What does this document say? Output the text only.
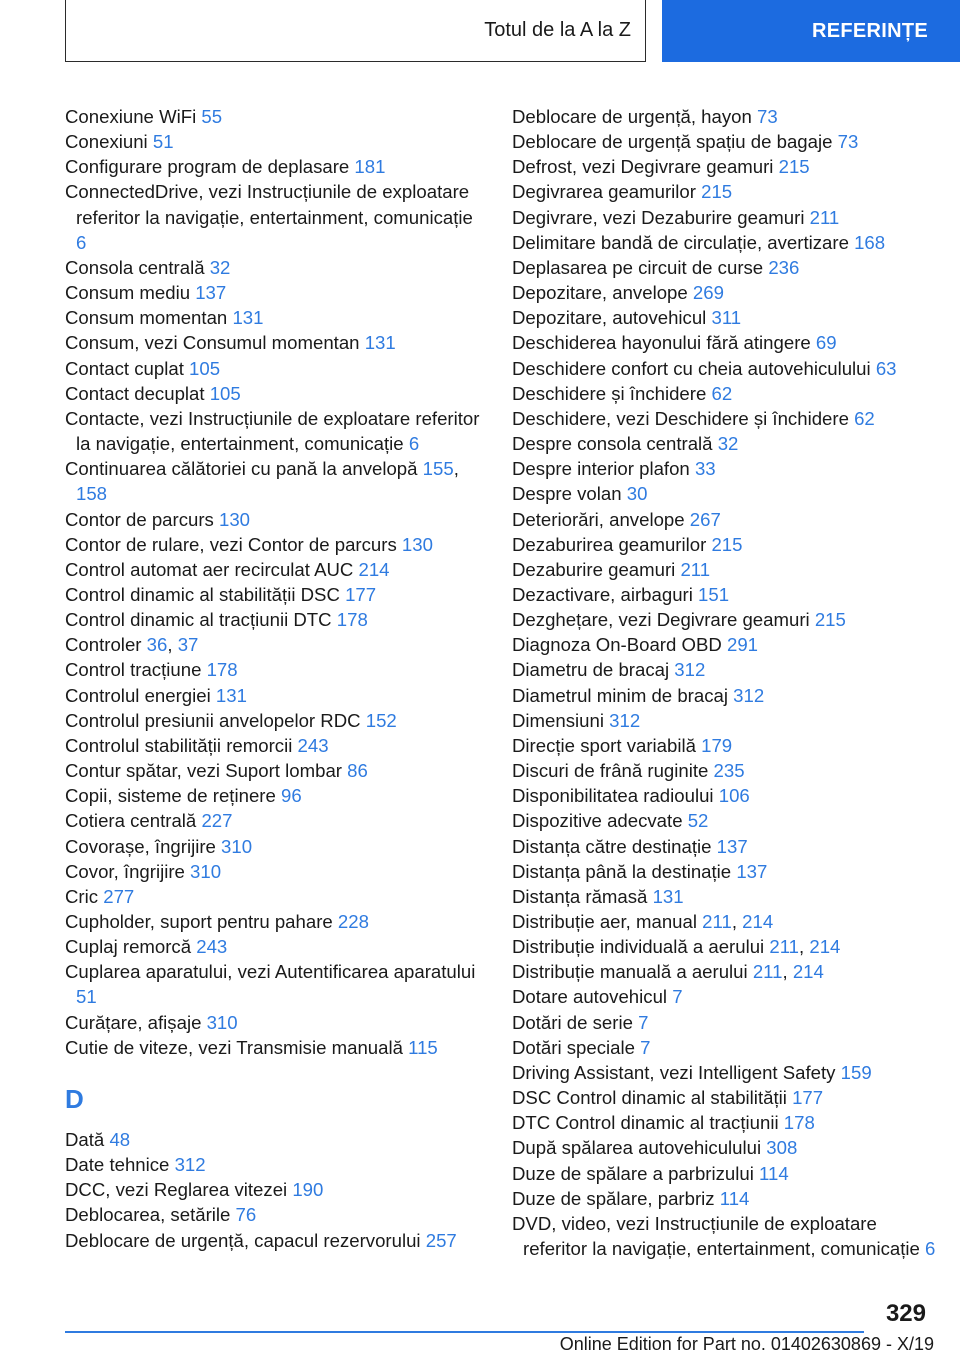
Totul de la A la Z	REFERINȚE
Conexiune WiFi 55
Conexiuni 51
Configurare program de deplasare 181
ConnectedDrive, vezi Instrucțiunile de exploatare referitor la navigație, entertainment, comunicație 6
Consola centrală 32
Consum mediu 137
Consum momentan 131
Consum, vezi Consumul momentan 131
Contact cuplat 105
Contact decuplat 105
Contacte, vezi Instrucțiunile de exploatare referitor la navigație, entertainment, comunicație 6
Continuarea călătoriei cu pană la anvelopă 155, 158
Contor de parcurs 130
Contor de rulare, vezi Contor de parcurs 130
Control automat aer recirculat AUC 214
Control dinamic al stabilității DSC 177
Control dinamic al tracțiunii DTC 178
Controler 36, 37
Control tracțiune 178
Controlul energiei 131
Controlul presiunii anvelopelor RDC 152
Controlul stabilității remorcii 243
Contur spătar, vezi Suport lombar 86
Copii, sisteme de reținere 96
Cotiera centrală 227
Covorașe, îngrijire 310
Covor, îngrijire 310
Cric 277
Cupholder, suport pentru pahare 228
Cuplaj remorcă 243
Cuplarea aparatului, vezi Autentificarea aparatului 51
Curățare, afișaje 310
Cutie de viteze, vezi Transmisie manuală 115
D
Dată 48
Date tehnice 312
DCC, vezi Reglarea vitezei 190
Deblocarea, setările 76
Deblocare de urgență, capacul rezervorului 257
Deblocare de urgență, hayon 73
Deblocare de urgență spațiu de bagaje 73
Defrost, vezi Degivrare geamuri 215
Degivrarea geamurilor 215
Degivrare, vezi Dezaburire geamuri 211
Delimitare bandă de circulație, avertizare 168
Deplasarea pe circuit de curse 236
Depozitare, anvelope 269
Depozitare, autovehicul 311
Deschiderea hayonului fără atingere 69
Deschidere confort cu cheia autovehiculului 63
Deschidere și închidere 62
Deschidere, vezi Deschidere și închidere 62
Despre consola centrală 32
Despre interior plafon 33
Despre volan 30
Deteriorări, anvelope 267
Dezaburirea geamurilor 215
Dezaburire geamuri 211
Dezactivare, airbaguri 151
Dezghețare, vezi Degivrare geamuri 215
Diagnoza On-Board OBD 291
Diametru de bracaj 312
Diametrul minim de bracaj 312
Dimensiuni 312
Direcție sport variabilă 179
Discuri de frână ruginite 235
Disponibilitatea radioului 106
Dispozitive adecvate 52
Distanța către destinație 137
Distanța până la destinație 137
Distanța rămasă 131
Distribuție aer, manual 211, 214
Distribuție individuală a aerului 211, 214
Distribuție manuală a aerului 211, 214
Dotare autovehicul 7
Dotări de serie 7
Dotări speciale 7
Driving Assistant, vezi Intelligent Safety 159
DSC Control dinamic al stabilității 177
DTC Control dinamic al tracțiunii 178
După spălarea autovehiculului 308
Duze de spălare a parbrizului 114
Duze de spălare, parbriz 114
DVD, video, vezi Instrucțiunile de exploatare referitor la navigație, entertainment, comunicație 6
329
Online Edition for Part no. 01402630869 - X/19
